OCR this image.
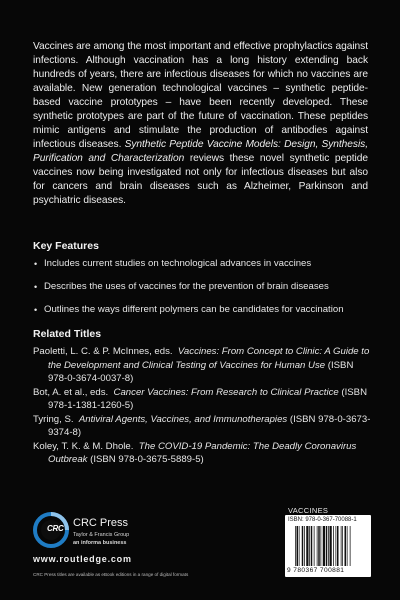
Vaccines are among the most important and effective prophylactics against infections. Although vaccination has a long history extending back hundreds of years, there are infectious diseases for which no vaccines are available. New generation technological vaccines – synthetic peptide-based vaccine prototypes – have been recently developed. These synthetic prototypes are part of the future of vaccination. These peptides mimic antigens and stimulate the production of antibodies against infectious diseases. Synthetic Peptide Vaccine Models: Design, Synthesis, Purification and Characterization reviews these novel synthetic peptide vaccines now being investigated not only for infectious diseases but also for cancers and brain diseases such as Alzheimer, Parkinson and psychiatric diseases.

Key Features
• Includes current studies on technological advances in vaccines
• Describes the uses of vaccines for the prevention of brain diseases
• Outlines the ways different polymers can be candidates for vaccination
Related Titles

Paoletti, L. C. & P. McInnes, eds. Vaccines: From Concept to Clinic: A Guide to the Development and Clinical Testing of Vaccines for Human Use (ISBN 978-0-3674-0037-8)

Bot, A. et al., eds. Cancer Vaccines: From Research to Clinical Practice (ISBN 978-1-1381-1260-5)

Tyring, S. Antiviral Agents, Vaccines, and Immunotherapies (ISBN 978-0-3673-9374-8)

Koley, T. K. & M. Dhole. The COVID-19 Pandemic: The Deadly Coronavirus Outbreak (ISBN 978-0-3675-5889-5)

CRC CRC Press
Taylor & Francis Group
an informa business
www.routledge.com
CRC Press titles are available as eBook editions in a range of digital formats
VACCINES
ISBN: 978-0-367-70088-1
9 780367 700881
